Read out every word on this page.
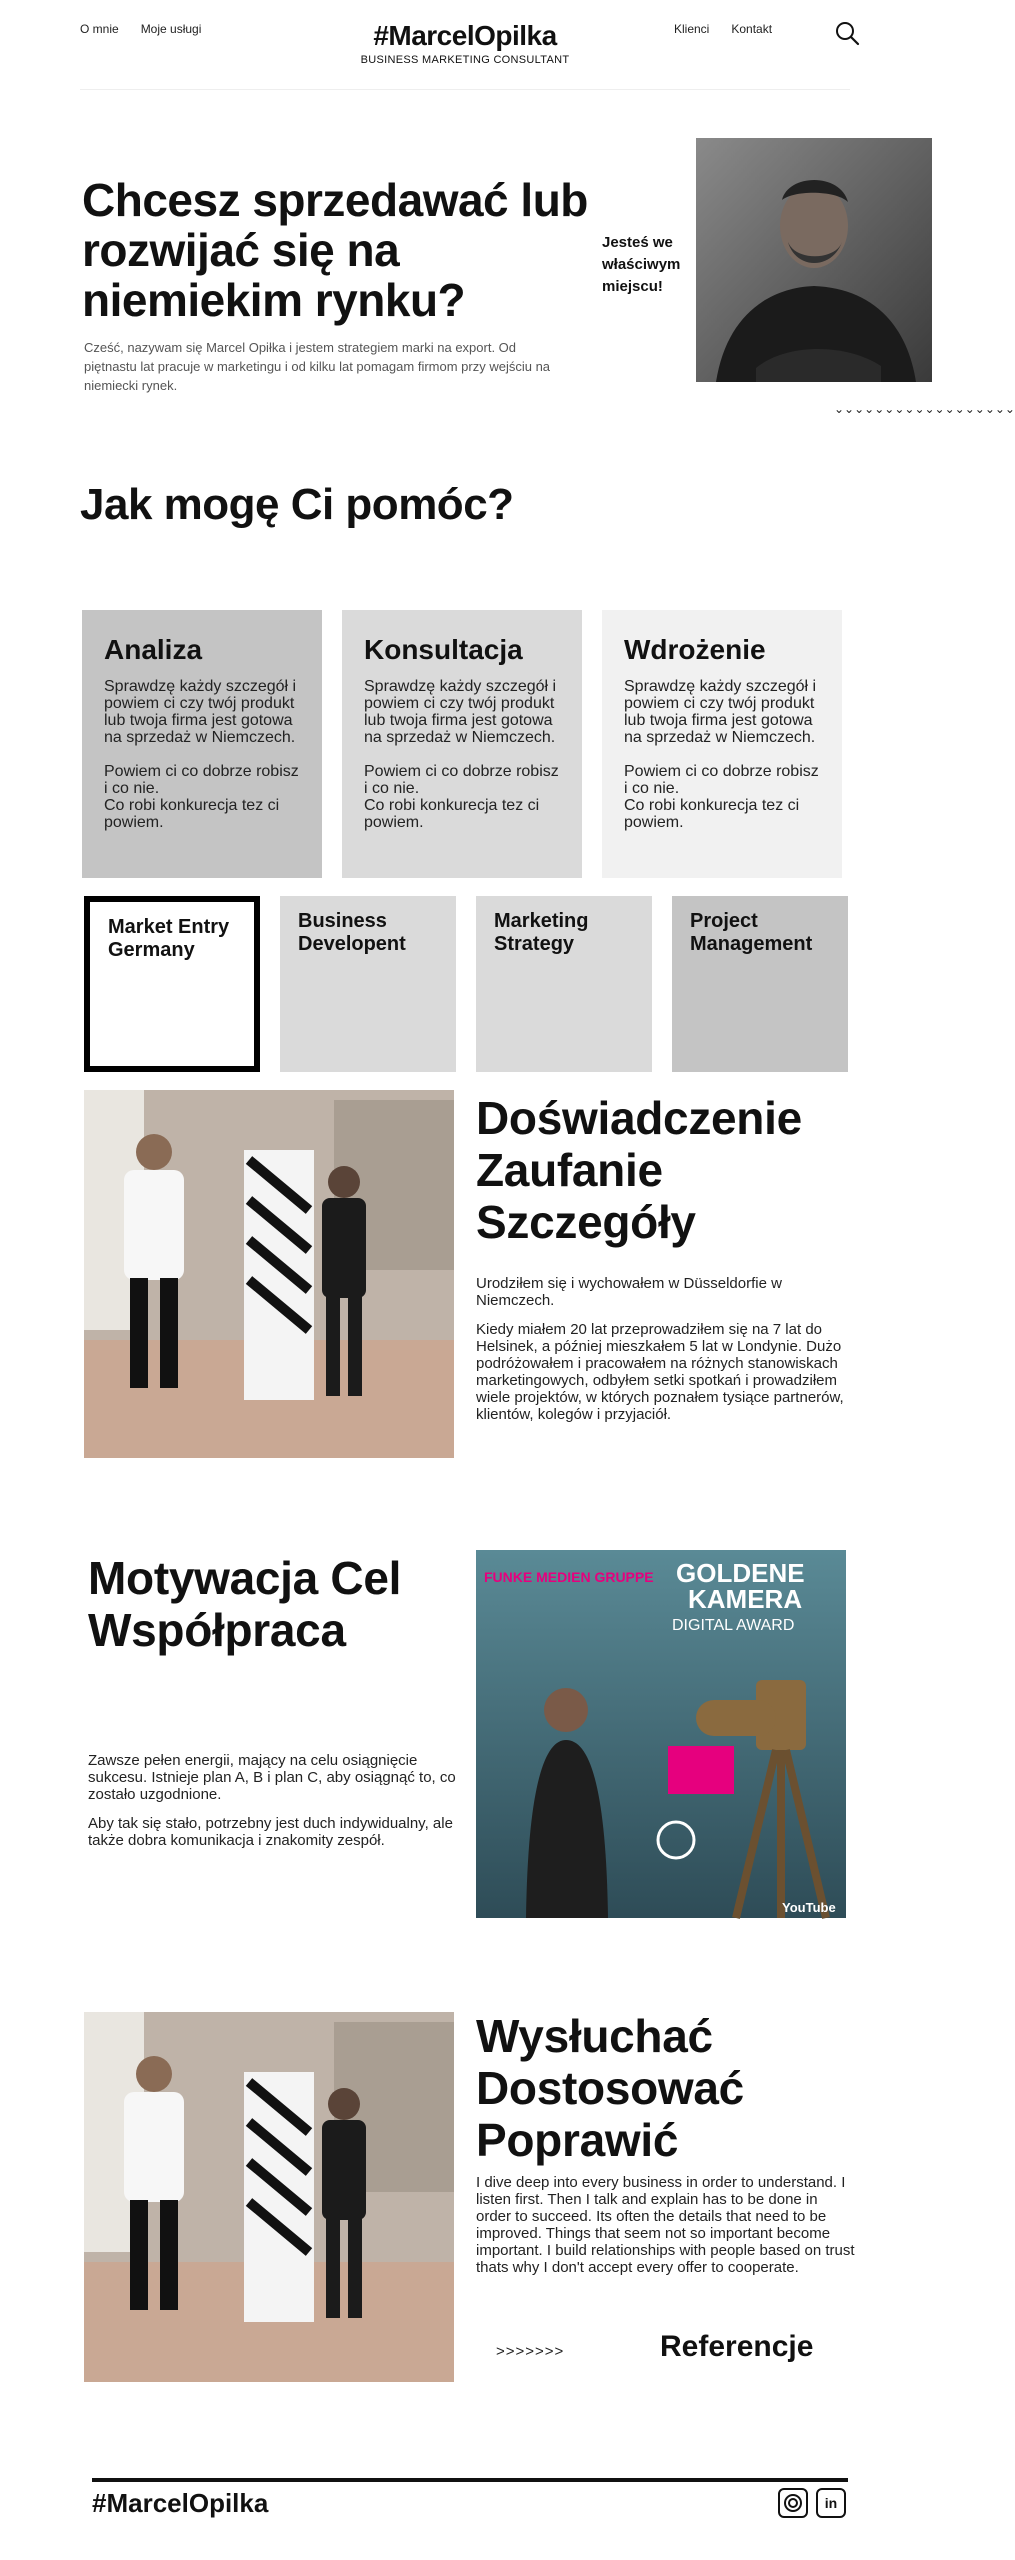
O mnie Moje usługi	#MarcelOpilka
BUSINESS MARKETING CONSULTANT
Klienci Kontakt
Chcesz sprzedawać lub rozwijać się na niemiekim rynku?

Cześć, nazywam się Marcel Opiłka i jestem strategiem marki na export. Od piętnastu lat pracuje w marketingu i od kilku lat pomagam firmom przy wejściu na niemiecki rynek.

Jesteś we właściwym miejscu!
⌄⌄⌄⌄⌄⌄⌄⌄⌄⌄⌄⌄⌄⌄⌄⌄⌄⌄
Jak mogę Ci pomóc?
Analiza
Sprawdzę każdy szczegół i powiem ci czy twój produkt lub twoja firma jest gotowa na sprzedaż w Niemczech.

Powiem ci co dobrze robisz i co nie.
Co robi konkurecja tez ci powiem.
Konsultacja
Sprawdzę każdy szczegół i powiem ci czy twój produkt lub twoja firma jest gotowa na sprzedaż w Niemczech.

Powiem ci co dobrze robisz i co nie.
Co robi konkurecja tez ci powiem.
Wdrożenie
Sprawdzę każdy szczegół i powiem ci czy twój produkt lub twoja firma jest gotowa na sprzedaż w Niemczech.

Powiem ci co dobrze robisz i co nie.
Co robi konkurecja tez ci powiem.
Market Entry Germany
Business Developent
Marketing Strategy
Project Management
Doświadczenie Zaufanie Szczegóły

Urodziłem się i wychowałem w Düsseldorfie w Niemczech.

Kiedy miałem 20 lat przeprowadziłem się na 7 lat do Helsinek, a później mieszkałem 5 lat w Londynie. Dużo podróżowałem i pracowałem na różnych stanowiskach marketingowych, odbyłem setki spotkań i prowadziłem wiele projektów, w których poznałem tysiące partnerów, klientów, kolegów i przyjaciół.

Motywacja Cel Współpraca

Zawsze pełen energii, mający na celu osiągnięcie sukcesu. Istnieje plan A, B i plan C, aby osiągnąć to, co zostało uzgodnione.

Aby tak się stało, potrzebny jest duch indywidualny, ale także dobra komunikacja i znakomity zespół.

FUNKE MEDIEN GRUPPE GOLDENE
KAMERA
DIGITAL AWARD
YouTube
Wysłuchać Dostosować Poprawić

I dive deep into every business in order to understand. I listen first. Then I talk and explain has to be done in order to succeed. Its often the details that need to be improved. Things that seem not so important become important. I build relationships with people based on trust thats why I don't accept every offer to cooperate.

>>>>>>>	Referencje
#MarcelOpilka	in
